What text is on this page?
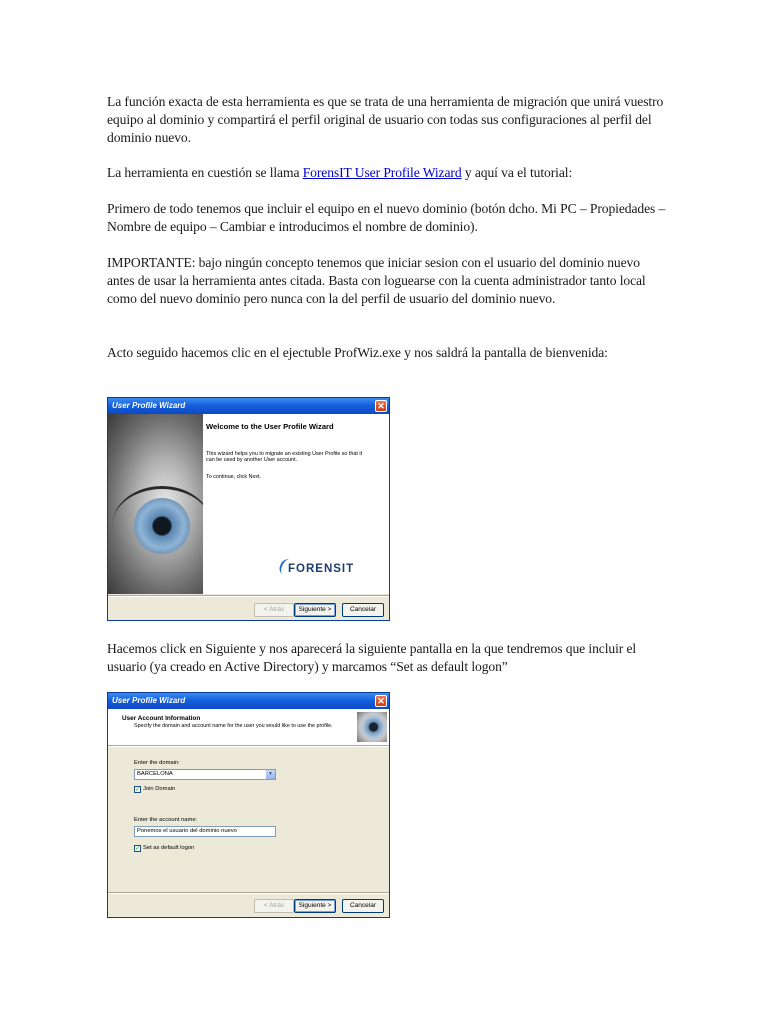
La función exacta de esta herramienta es que se trata de una herramienta de migración que unirá vuestro equipo al dominio y compartirá el perfil original de usuario con todas sus configuraciones al perfil del dominio nuevo.

La herramienta en cuestión se llama ForensIT User Profile Wizard y aquí va el tutorial:

Primero de todo tenemos que incluir el equipo en el nuevo dominio (botón dcho. Mi PC – Propiedades – Nombre de equipo – Cambiar e introducimos el nombre de dominio).

IMPORTANTE: bajo ningún concepto tenemos que iniciar sesion con el usuario del dominio nuevo antes de usar la herramienta antes citada. Basta con loguearse con la cuenta administrador tanto local como del nuevo dominio pero nunca con la del perfil de usuario del dominio nuevo.

Acto seguido hacemos clic en el ejectuble ProfWiz.exe y nos saldrá la pantalla de bienvenida:

User Profile Wizard	✕
Welcome to the User Profile Wizard
This wizard helps you to migrate an existing User Profile so that it can be used by another User account.
To continue, click Next.
FORENSIT
< Atrás	Siguiente >	Cancelar

Hacemos click en Siguiente y nos aparecerá la siguiente pantalla en la que tendremos que incluir el usuario (ya creado en Active Directory) y marcamos “Set as default logon”

User Profile Wizard	✕
User Account Information
Specify the domain and account name for the user you would like to use the profile.
Enter the domain:
BARCELONA	▼
✓ Join Domain
Enter the account name:
Ponemos el usuario del dominio nuevo
✓ Set as default logon
< Atrás	Siguiente >	Cancelar
